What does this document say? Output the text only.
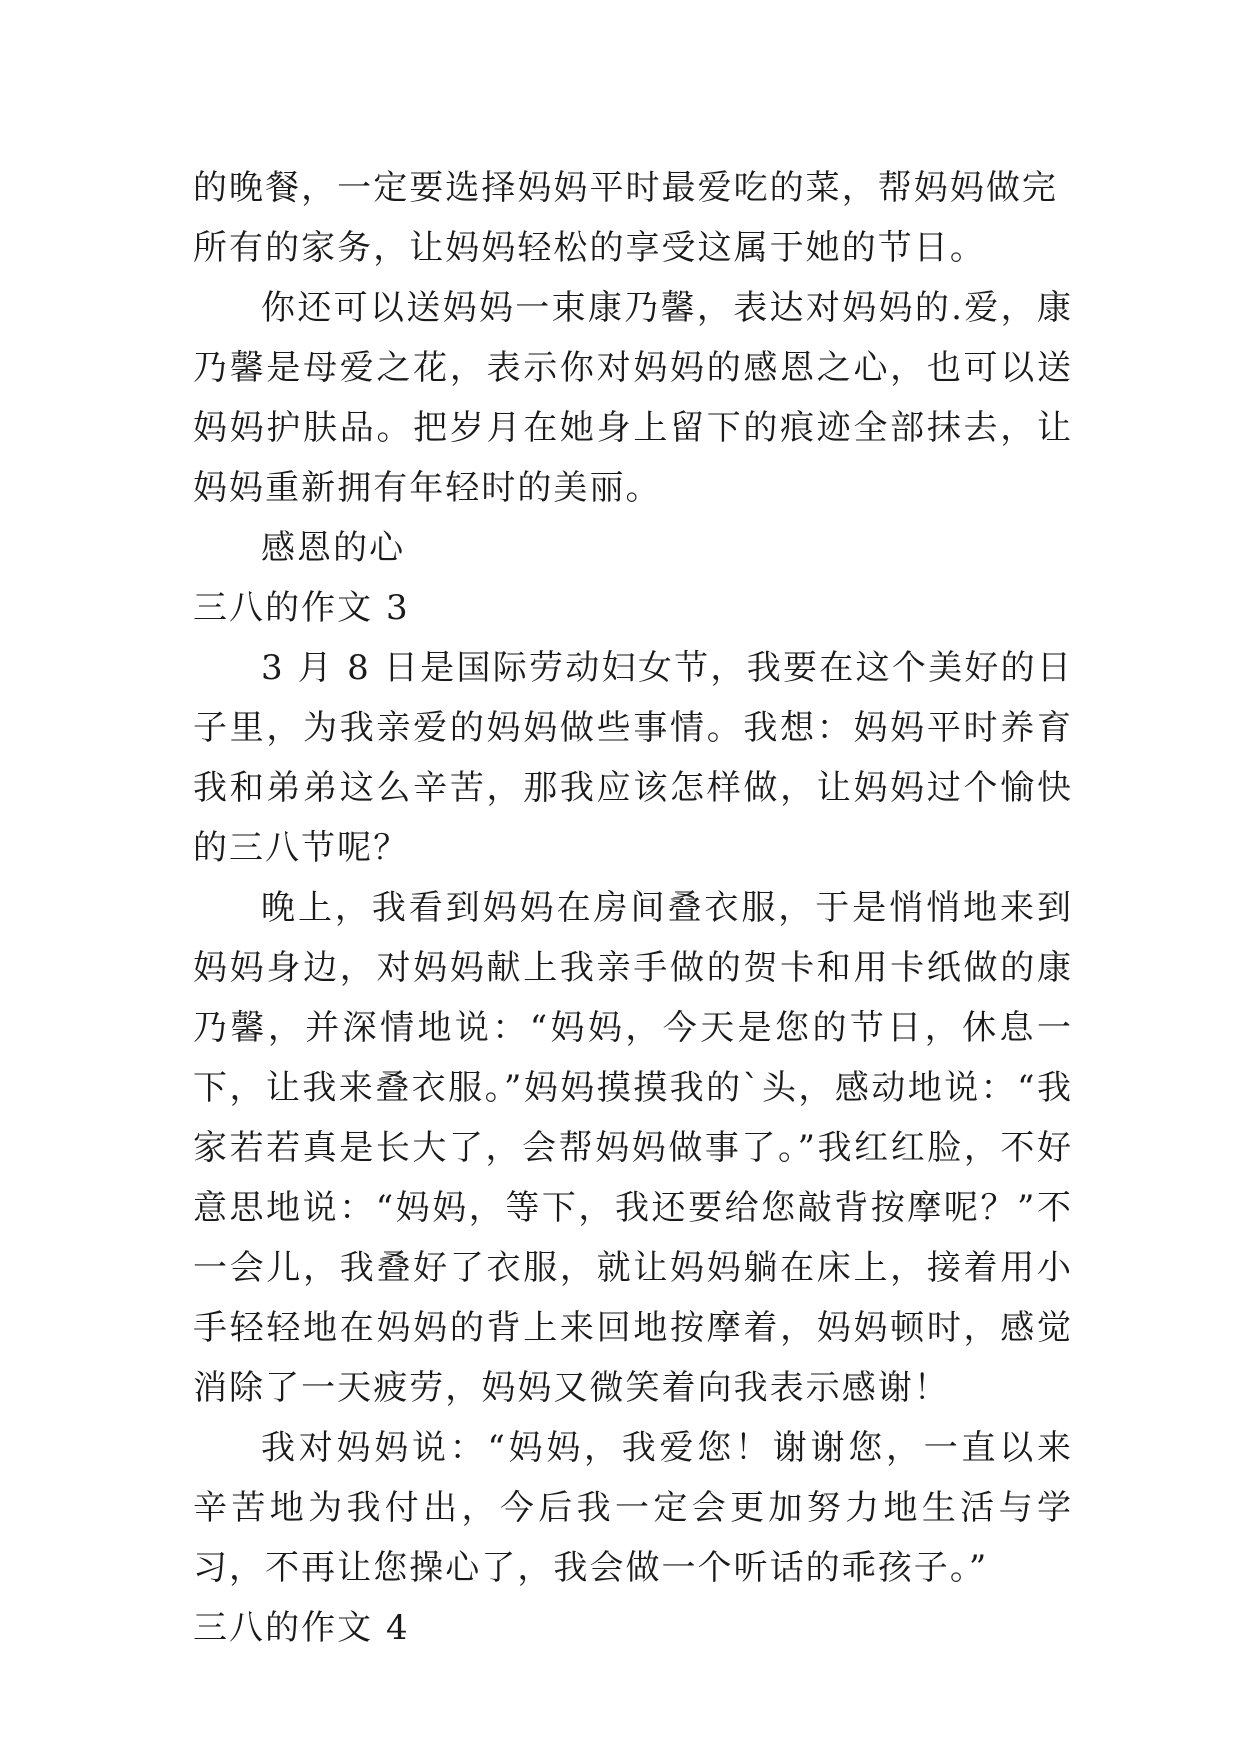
的晚餐，一定要选择妈妈平时最爱吃的菜，帮妈妈做完所有的家务，让妈妈轻松的享受这属于她的节日。

你还可以送妈妈一束康乃馨，表达对妈妈的.爱，康乃馨是母爱之花，表示你对妈妈的感恩之心，也可以送妈妈护肤品。把岁月在她身上留下的痕迹全部抹去，让妈妈重新拥有年轻时的美丽。

感恩的心

三八的作文 3

3 月 8 日是国际劳动妇女节，我要在这个美好的日子里，为我亲爱的妈妈做些事情。我想：妈妈平时养育我和弟弟这么辛苦，那我应该怎样做，让妈妈过个愉快的三八节呢？

晚上，我看到妈妈在房间叠衣服，于是悄悄地来到妈妈身边，对妈妈献上我亲手做的贺卡和用卡纸做的康乃馨，并深情地说：“妈妈，今天是您的节日，休息一下，让我来叠衣服。”妈妈摸摸我的`头，感动地说：“我家若若真是长大了，会帮妈妈做事了。”我红红脸，不好意思地说：“妈妈，等下，我还要给您敲背按摩呢？”不一会儿，我叠好了衣服，就让妈妈躺在床上，接着用小手轻轻地在妈妈的背上来回地按摩着，妈妈顿时，感觉消除了一天疲劳，妈妈又微笑着向我表示感谢！

我对妈妈说：“妈妈，我爱您！谢谢您，一直以来辛苦地为我付出，今后我一定会更加努力地生活与学习，不再让您操心了，我会做一个听话的乖孩子。”

三八的作文 4
